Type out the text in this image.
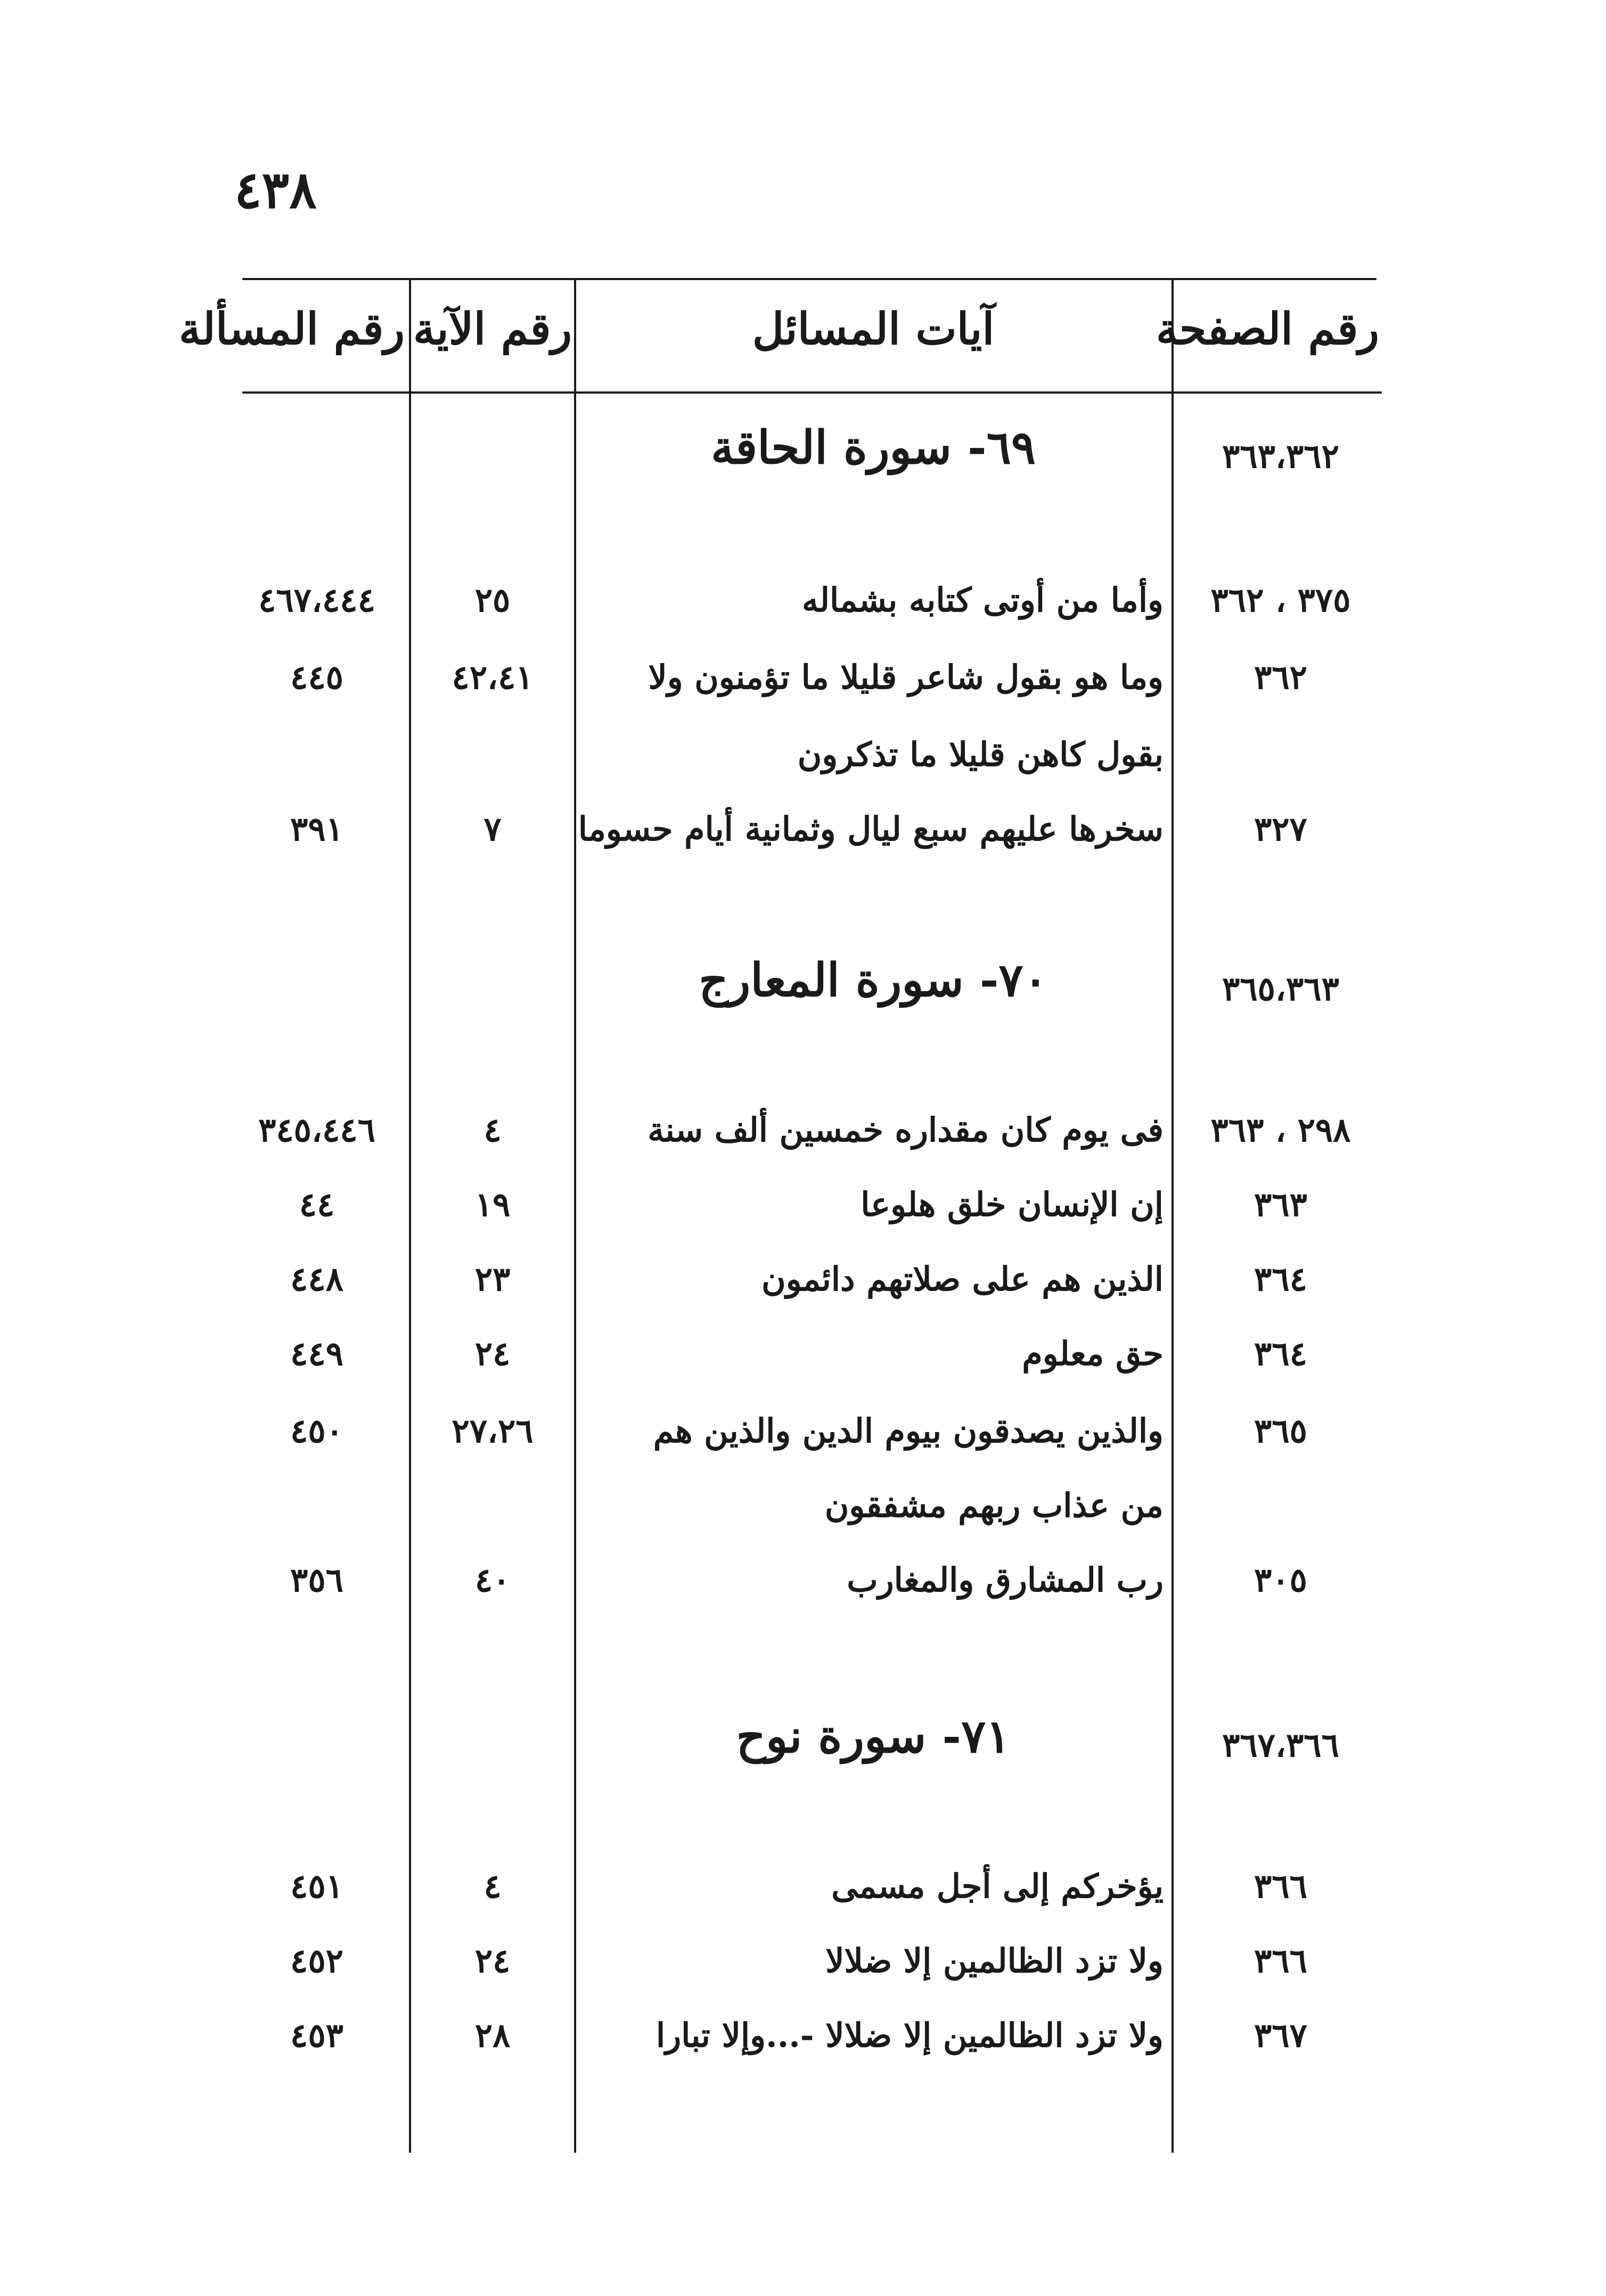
٤٣٨
رقم الصفحة
آيات المسائل
رقم الآية
رقم المسألة
٣٦٣،٣٦٢
٦٩- سورة الحاقة
٣٧٥ ، ٣٦٢
وأما من أوتى كتابه بشماله
٢٥
٤٦٧،٤٤٤
٣٦٢
وما هو بقول شاعر قليلا ما تؤمنون ولا
٤٢،٤١
٤٤٥
بقول كاهن قليلا ما تذكرون
٣٢٧
سخرها عليهم سبع ليال وثمانية أيام حسوما
٧
٣٩١
٣٦٥،٣٦٣
٧٠- سورة المعارج
٢٩٨ ، ٣٦٣
فى يوم كان مقداره خمسين ألف سنة
٤
٣٤٥،٤٤٦
٣٦٣
إن الإنسان خلق هلوعا
١٩
٤٤
٣٦٤
الذين هم على صلاتهم دائمون
٢٣
٤٤٨
٣٦٤
حق معلوم
٢٤
٤٤٩
٣٦٥
والذين يصدقون بيوم الدين والذين هم
٢٧،٢٦
٤٥٠
من عذاب ربهم مشفقون
٣٠٥
رب المشارق والمغارب
٤٠
٣٥٦
٣٦٧،٣٦٦
٧١- سورة نوح
٣٦٦
يؤخركم إلى أجل مسمى
٤
٤٥١
٣٦٦
ولا تزد الظالمين إلا ضلالا
٢٤
٤٥٢
٣٦٧
ولا تزد الظالمين إلا ضلالا -...وإلا تبارا
٢٨
٤٥٣
